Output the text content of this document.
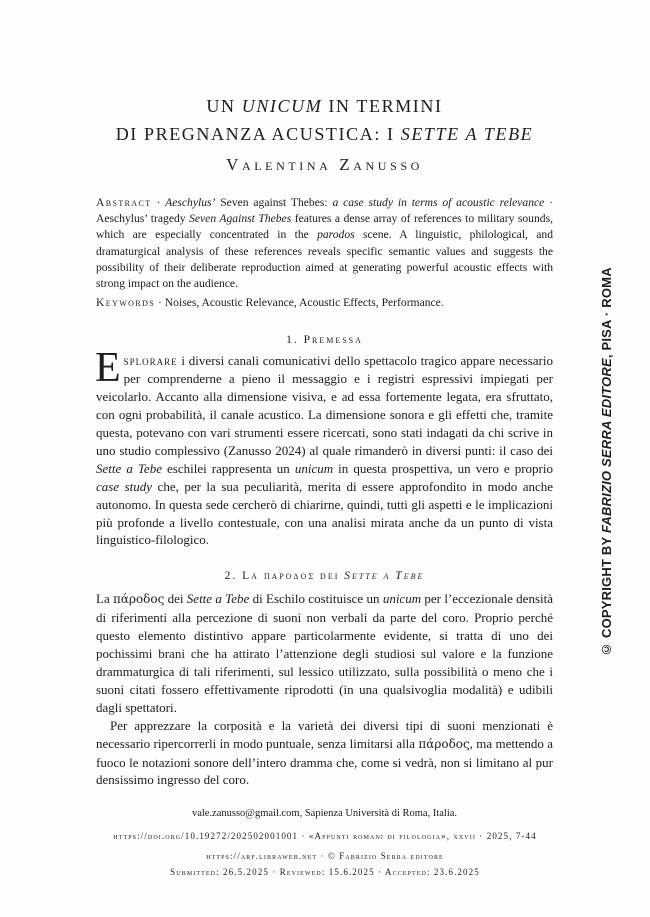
UN UNICUM IN TERMINI
DI PREGNANZA ACUSTICA: I SETTE A TEBE
Valentina Zanusso

Abstract · Aeschylus’ Seven against Thebes: a case study in terms of acoustic relevance · Aeschylus’ tragedy Seven Against Thebes features a dense array of references to military sounds, which are especially concentrated in the parodos scene. A linguistic, philological, and dramaturgical analysis of these references reveals specific semantic values and suggests the possibility of their deliberate reproduction aimed at generating powerful acoustic effects with strong impact on the audience.

Keywords · Noises, Acoustic Relevance, Acoustic Effects, Performance.

1. Premessa

Esplorare i diversi canali comunicativi dello spettacolo tragico appare necessario per comprenderne a pieno il messaggio e i registri espressivi impiegati per veicolarlo. Accanto alla dimensione visiva, e ad essa fortemente legata, era sfruttato, con ogni probabilità, il canale acustico. La dimensione sonora e gli effetti che, tramite questa, potevano con vari strumenti essere ricercati, sono stati indagati da chi scrive in uno studio complessivo (Zanusso 2024) al quale rimanderò in diversi punti: il caso dei Sette a Tebe eschilei rappresenta un unicum in questa prospettiva, un vero e proprio case study che, per la sua peculiarità, merita di essere approfondito in modo anche autonomo. In questa sede cercherò di chiarirne, quindi, tutti gli aspetti e le implicazioni più profonde a livello contestuale, con una analisi mirata anche da un punto di vista linguistico-filologico.

2. La παροδος dei Sette a Tebe

La πάροδος dei Sette a Tebe di Eschilo costituisce un unicum per l’eccezionale densità di riferimenti alla percezione di suoni non verbali da parte del coro. Proprio perché questo elemento distintivo appare particolarmente evidente, si tratta di uno dei pochissimi brani che ha attirato l’attenzione degli studiosi sul valore e la funzione drammaturgica di tali riferimenti, sul lessico utilizzato, sulla possibilità o meno che i suoni citati fossero effettivamente riprodotti (in una qualsivoglia modalità) e udibili dagli spettatori.

Per apprezzare la corposità e la varietà dei diversi tipi di suoni menzionati è necessario ripercorrerli in modo puntuale, senza limitarsi alla πάροδος, ma mettendo a fuoco le notazioni sonore dell’intero dramma che, come si vedrà, non si limitano al pur densissimo ingresso del coro.

vale.zanusso@gmail.com, Sapienza Università di Roma, Italia.

https://doi.org/10.19272/202502001001 · «Appunti romani di filologia», xxvii · 2025, 7-44

https://arf.libraweb.net · © Fabrizio Serra editore

Submitted: 26.5.2025 · Reviewed: 15.6.2025 · Accepted: 23.6.2025

© COPYRIGHT BY FABRIZIO SERRA EDITORE, PISA · ROMA
